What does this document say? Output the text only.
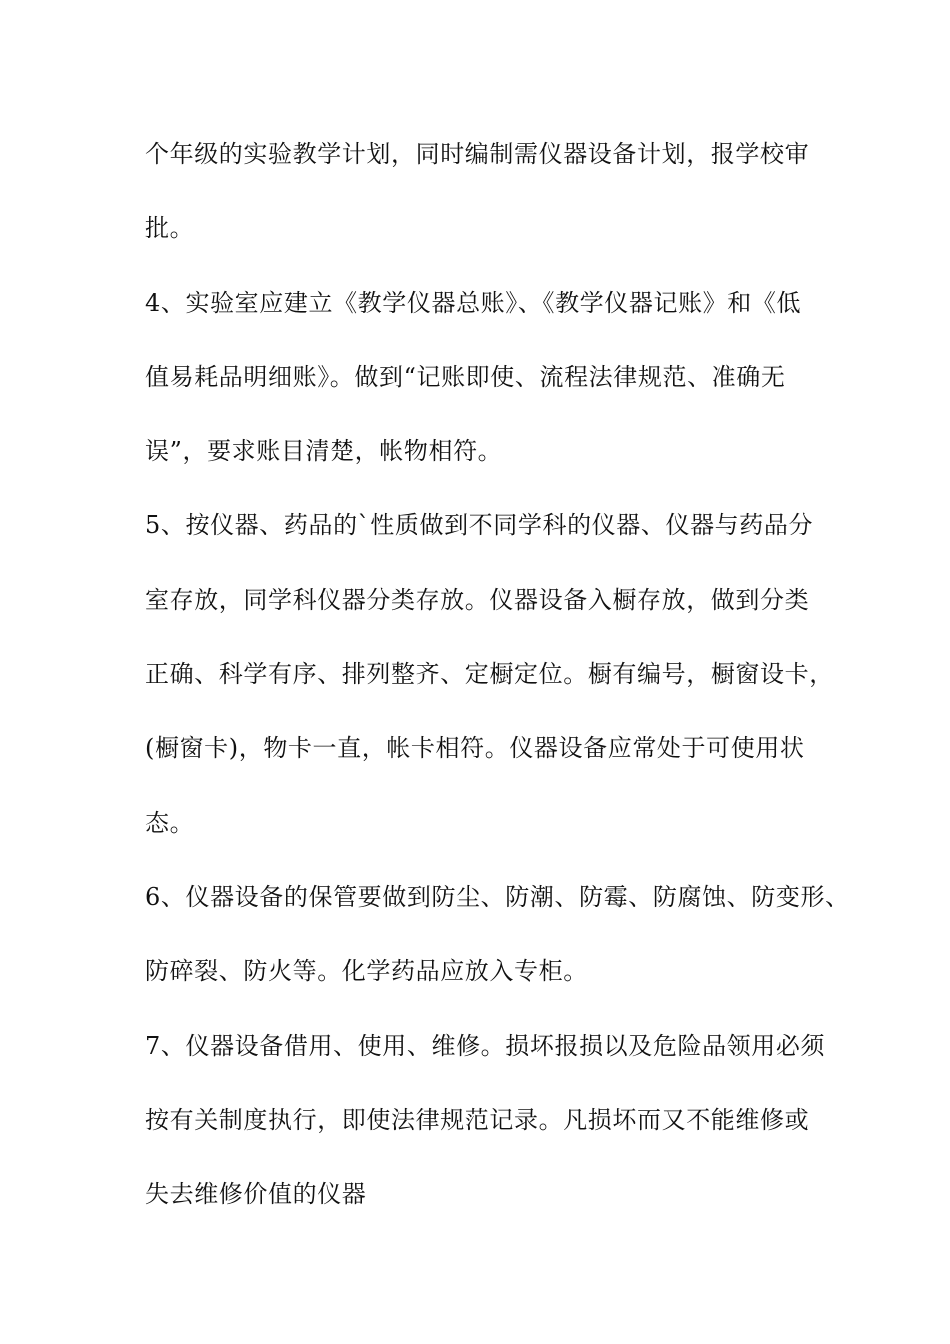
个年级的实验教学计划，同时编制需仪器设备计划，报学校审
批。
4、实验室应建立《教学仪器总账》、《教学仪器记账》和《低
值易耗品明细账》。做到“记账即使、流程法律规范、准确无
误”，要求账目清楚，帐物相符。
5、按仪器、药品的`性质做到不同学科的仪器、仪器与药品分
室存放，同学科仪器分类存放。仪器设备入橱存放，做到分类
正确、科学有序、排列整齐、定橱定位。橱有编号，橱窗设卡，
(橱窗卡)，物卡一直，帐卡相符。仪器设备应常处于可使用状
态。
6、仪器设备的保管要做到防尘、防潮、防霉、防腐蚀、防变形、
防碎裂、防火等。化学药品应放入专柜。
7、仪器设备借用、使用、维修。损坏报损以及危险品领用必须
按有关制度执行，即使法律规范记录。凡损坏而又不能维修或
失去维修价值的仪器
